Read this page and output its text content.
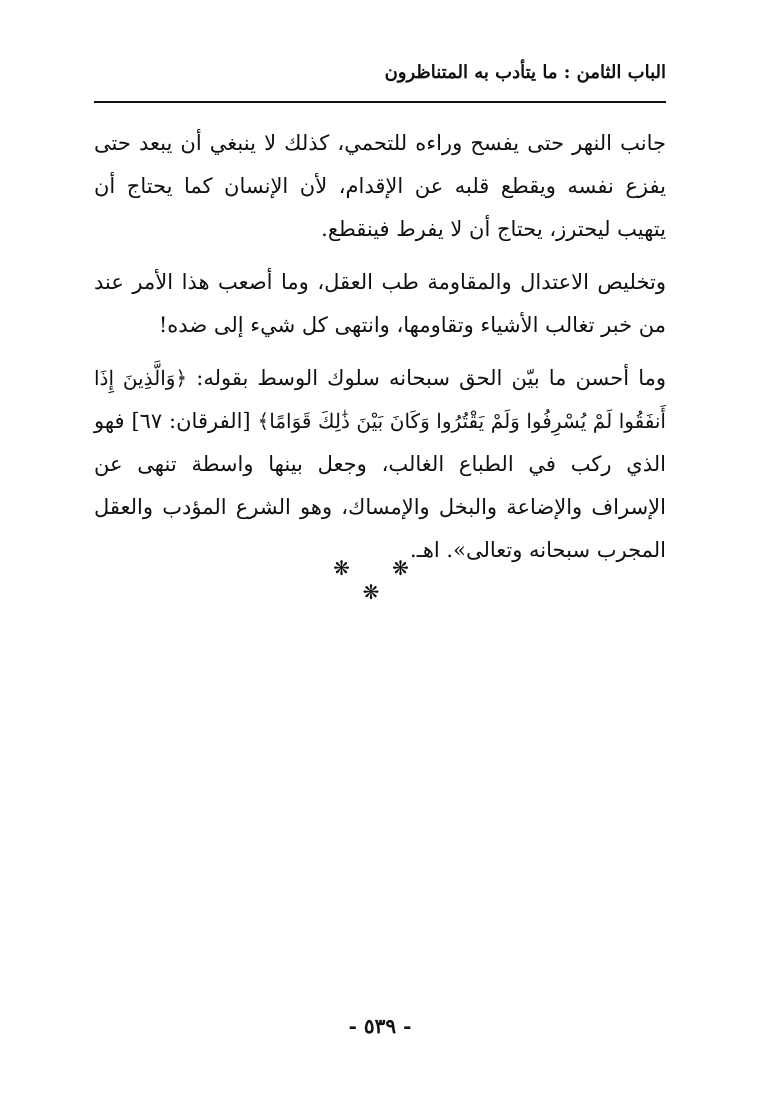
الباب الثامن : ما يتأدب به المتناظرون
جانب النهر حتى يفسح وراءه للتحمي، كذلك لا ينبغي أن يبعد حتى يفزع نفسه ويقطع قلبه عن الإقدام، لأن الإنسان كما يحتاج أن يتهيب ليحترز، يحتاج أن لا يفرط فينقطع.
وتخليص الاعتدال والمقاومة طب العقل، وما أصعب هذا الأمر عند من خبر تغالب الأشياء وتقاومها، وانتهى كل شيء إلى ضده!
وما أحسن ما بيّن الحق سبحانه سلوك الوسط بقوله: ﴿وَالَّذِينَ إِذَا أَنفَقُوا لَمْ يُسْرِفُوا وَلَمْ يَقْتُرُوا وَكَانَ بَيْنَ ذَٰلِكَ قَوَامًا﴾ [الفرقان: ٦٧] فهو الذي ركب في الطباع الغالب، وجعل بينها واسطة تنهى عن الإسراف والإضاعة والبخل والإمساك، وهو الشرع المؤدب والعقل المجرب سبحانه وتعالى». اهـ.
❋ ❋ ❋
- ٥٣٩ -
